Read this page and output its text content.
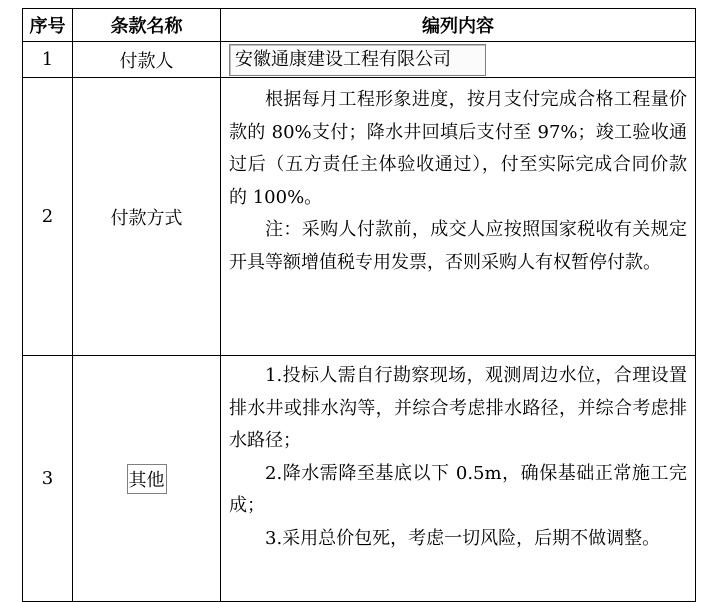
序号	条款名称	编列内容
1	付款人	安徽通康建设工程有限公司
2	付款方式	根据每月工程形象进度，按月支付完成合格工程量价款的 80%支付；降水井回填后支付至 97%；竣工验收通过后（五方责任主体验收通过），付至实际完成合同价款的 100%。

注：采购人付款前，成交人应按照国家税收有关规定开具等额增值税专用发票，否则采购人有权暂停付款。

3	其他	1.投标人需自行勘察现场，观测周边水位，合理设置排水井或排水沟等，并综合考虑排水路径，并综合考虑排水路径；

2.降水需降至基底以下 0.5m，确保基础正常施工完成；

3.采用总价包死，考虑一切风险，后期不做调整。
